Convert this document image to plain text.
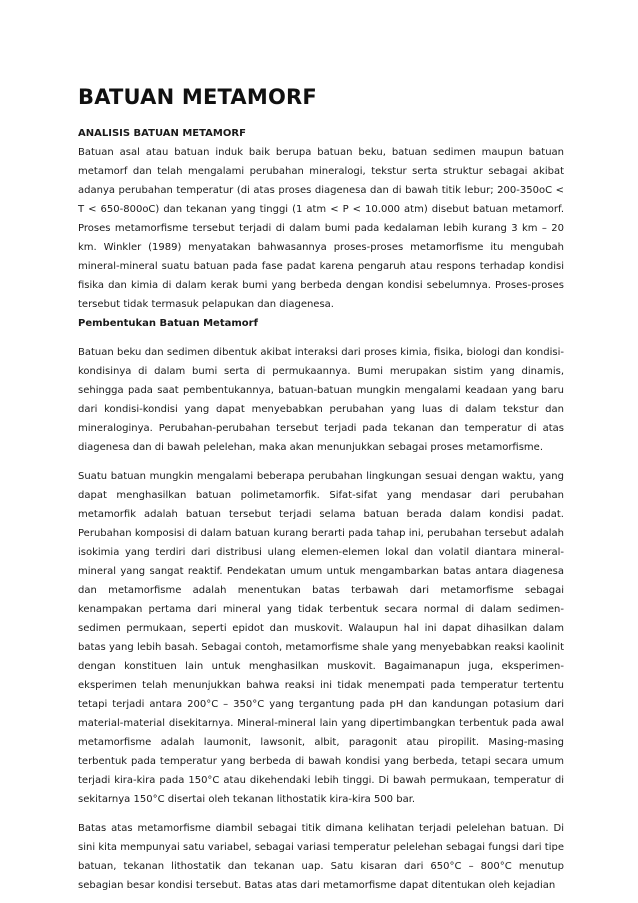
BATUAN METAMORF
ANALISIS BATUAN METAMORF

Batuan asal atau batuan induk baik berupa batuan beku, batuan sedimen maupun batuan metamorf dan telah mengalami perubahan mineralogi, tekstur serta struktur sebagai akibat adanya perubahan temperatur (di atas proses diagenesa dan di bawah titik lebur; 200-350oC < T < 650-800oC) dan tekanan yang tinggi (1 atm < P < 10.000 atm) disebut batuan metamorf. Proses metamorfisme tersebut terjadi di dalam bumi pada kedalaman lebih kurang 3 km – 20 km. Winkler (1989) menyatakan bahwasannya proses-proses metamorfisme itu mengubah mineral-mineral suatu batuan pada fase padat karena pengaruh atau respons terhadap kondisi fisika dan kimia di dalam kerak bumi yang berbeda dengan kondisi sebelumnya. Proses-proses tersebut tidak termasuk pelapukan dan diagenesa.

Pembentukan Batuan Metamorf

Batuan beku dan sedimen dibentuk akibat interaksi dari proses kimia, fisika, biologi dan kondisi-kondisinya di dalam bumi serta di permukaannya. Bumi merupakan sistim yang dinamis, sehingga pada saat pembentukannya, batuan-batuan mungkin mengalami keadaan yang baru dari kondisi-kondisi yang dapat menyebabkan perubahan yang luas di dalam tekstur dan mineraloginya. Perubahan-perubahan tersebut terjadi pada tekanan dan temperatur di atas diagenesa dan di bawah pelelehan, maka akan menunjukkan sebagai proses metamorfisme.

Suatu batuan mungkin mengalami beberapa perubahan lingkungan sesuai dengan waktu, yang dapat menghasilkan batuan polimetamorfik. Sifat-sifat yang mendasar dari perubahan metamorfik adalah batuan tersebut terjadi selama batuan berada dalam kondisi padat. Perubahan komposisi di dalam batuan kurang berarti pada tahap ini, perubahan tersebut adalah isokimia yang terdiri dari distribusi ulang elemen-elemen lokal dan volatil diantara mineral-mineral yang sangat reaktif. Pendekatan umum untuk mengambarkan batas antara diagenesa dan metamorfisme adalah menentukan batas terbawah dari metamorfisme sebagai kenampakan pertama dari mineral yang tidak terbentuk secara normal di dalam sedimen-sedimen permukaan, seperti epidot dan muskovit. Walaupun hal ini dapat dihasilkan dalam batas yang lebih basah. Sebagai contoh, metamorfisme shale yang menyebabkan reaksi kaolinit dengan konstituen lain untuk menghasilkan muskovit. Bagaimanapun juga, eksperimen-eksperimen telah menunjukkan bahwa reaksi ini tidak menempati pada temperatur tertentu tetapi terjadi antara 200°C – 350°C yang tergantung pada pH dan kandungan potasium dari material-material disekitarnya. Mineral-mineral lain yang dipertimbangkan terbentuk pada awal metamorfisme adalah laumonit, lawsonit, albit, paragonit atau piropilit. Masing-masing terbentuk pada temperatur yang berbeda di bawah kondisi yang berbeda, tetapi secara umum terjadi kira-kira pada 150°C atau dikehendaki lebih tinggi. Di bawah permukaan, temperatur di sekitarnya 150°C disertai oleh tekanan lithostatik kira-kira 500 bar.

Batas atas metamorfisme diambil sebagai titik dimana kelihatan terjadi pelelehan batuan. Di sini kita mempunyai satu variabel, sebagai variasi temperatur pelelehan sebagai fungsi dari tipe batuan, tekanan lithostatik dan tekanan uap. Satu kisaran dari 650°C – 800°C menutup sebagian besar kondisi tersebut. Batas atas dari metamorfisme dapat ditentukan oleh kejadian
